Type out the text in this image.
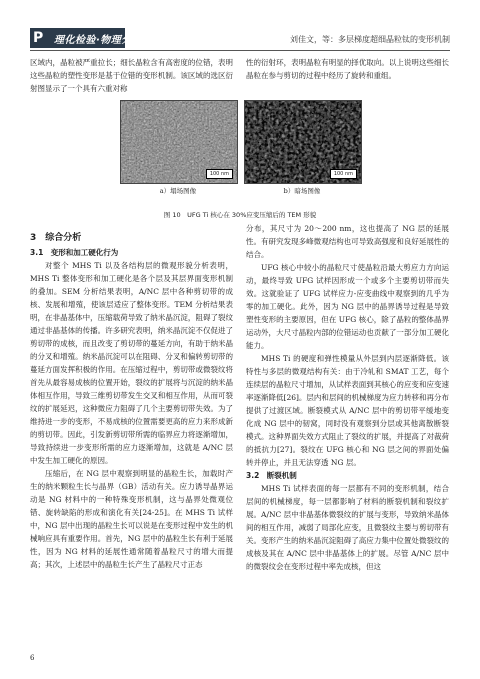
P 理化检验·物理分册	刘佳文，等：多层梯度超细晶粒钛的变形机制

区域内，晶粒被严重拉长；细长晶粒含有高密度的位错，表明这些晶粒的塑性变形是基于位错的变形机制。该区域的选区衍射图显示了一个具有六重对称

性的衍射环，表明晶粒有明显的择优取向。以上说明这些细长晶粒在参与剪切的过程中经历了旋转和重组。

100 nm	100 nm
a）塌场图像	b）暗场图像
图 10　UFG Ti 核心在 30%应变压缩后的 TEM 形貌

3　综合分析

3.1　变形和加工硬化行为

对整个 MHS Ti 以及各结构层的微观形貌分析表明，MHS Ti 整体变形和加工硬化是各个层及其层界面变形机制的叠加。SEM 分析结果表明，A/NC 层中各种剪切带的成核、发展和增殖，使该层适应了整体变形。TEM 分析结果表明，在非晶基体中，压缩载荷导致了纳米晶沉淀，阻碍了裂纹通过非晶基体的传播。许多研究表明，纳米晶沉淀不仅促进了剪切带的成核，而且改变了剪切带的蔓延方向，有助于纳米晶的分叉和增殖。纳米晶沉淀可以在阻碍、分叉和偏转剪切带的蔓延方面发挥积极的作用。在压缩过程中，剪切带或微裂纹将首先从最容易成核的位置开始，裂纹的扩展将与沉淀的纳米晶体相互作用，导致三维剪切带发生交叉和相互作用，从而可裂纹的扩展延迟，这种微应力阻碍了几个主要剪切带失效。为了维持进一步的变形，不易成核的位置需要更高的应力来形成新的剪切带。因此，引发新剪切带所需的临界应力将逐渐增加，导致持续进一步变形所需的应力逐渐增加，这就是 A/NC 层中发生加工硬化的原因。

压缩后，在 NG 层中观察到明显的晶粒生长，加载时产生的纳米颗粒生长与晶界（GB）活动有关。应力诱导晶界运动是 NG 材料中的一种特殊变形机制，这与晶界处微观位错、旋转缺陷的形成和演化有关[24-25]。在 MHS Ti 试样中，NG 层中出现的晶粒生长可以说是在变形过程中发生的机械响应具有重要作用。首先，NG 层中的晶粒生长有利于延展性，因为 NG 材料的延展性通常随着晶粒尺寸的增大而提高；其次，上述层中的晶粒生长产生了晶粒尺寸正态

分布，其尺寸为 20～200 nm，这也提高了 NG 层的延展性。有研究发现多峰微观结构也可导致高强度和良好延展性的结合。

UFG 核心中较小的晶粒尺寸使晶粒沿最大剪应力方向运动，最终导致 UFG 试样因形成一个或多个主要剪切带而失效。这就验证了 UFG 试样应力-应变曲线中观察到的几乎为零的加工硬化。此外，因为 NG 层中的晶界诱导过程是导致塑性变形的主要原因，但在 UFG 核心，除了晶粒的整体晶界运动外，大尺寸晶粒内部的位错运动也贡献了一部分加工硬化能力。

MHS Ti 的硬度和弹性模量从外层到内层逐渐降低。该特性与多层的微观结构有关：由于冷轧和 SMAT 工艺，每个连续层的晶粒尺寸增加，从试样表面到其核心的应变和应变速率逐渐降低[26]。层内和层间的机械梯度为应力转移和再分布提供了过渡区域。断裂模式从 A/NC 层中的剪切带平缓地变化成 NG 层中的韧窝，同时没有观察到分层或其他离散断裂模式。这种界面失效方式阻止了裂纹的扩展，并提高了对裁荷的抵抗力[27]。裂纹在 UFG 核心和 NG 层之间的界面处偏转并停止，并且无法穿透 NG 层。

3.2　断裂机制

MHS Ti 试样表面的每一层都有不同的变形机制，结合层间的机械梯度，每一层都影响了材料的断裂机制和裂纹扩展。A/NC 层中非晶基体微裂纹的扩展与变形，导致纳米晶体间的相互作用，减弱了局部化应变，且微裂纹主要与剪切带有关。变形产生的纳米晶沉淀阻碍了高应力集中位置处微裂纹的成核及其在 A/NC 层中非晶基体上的扩展。尽管 A/NC 层中的微裂纹会在变形过程中率先成核，但这

6
